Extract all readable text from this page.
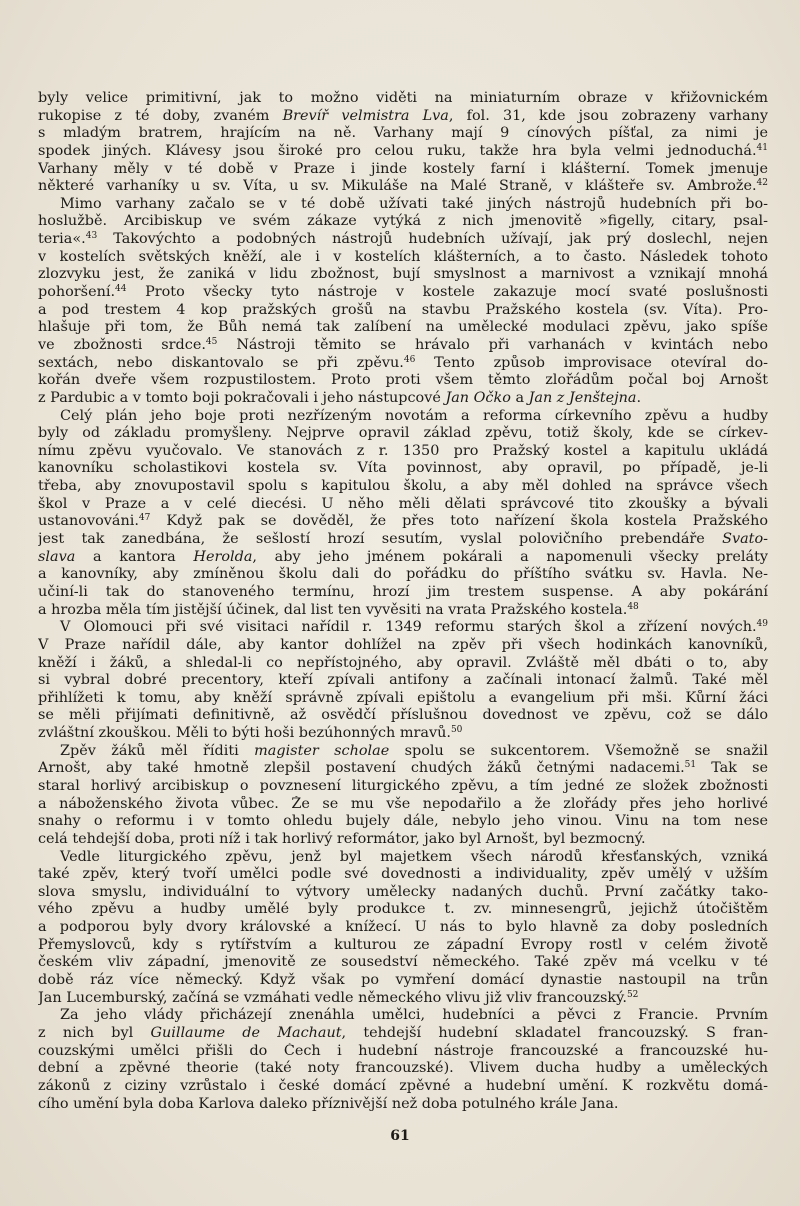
byly velice primitivní, jak to možno viděti na miniaturním obraze v křižovnickém
rukopise z té doby, zvaném Brevíř velmistra Lva, fol. 31, kde jsou zobrazeny varhany
s mladým bratrem, hrajícím na ně. Varhany mají 9 cínových píšťal, za nimi je
spodek jiných. Klávesy jsou široké pro celou ruku, takže hra byla velmi jednoduchá.$^{41}$
Varhany měly v té době v Praze i jinde kostely farní i klášterní. Tomek jmenuje
některé varhaníky u sv. Víta, u sv. Mikuláše na Malé Straně, v klášteře sv. Ambrože.$^{42}$
Mimo varhany začalo se v té době užívati také jiných nástrojů hudebních při bo-
hoslužbě. Arcibiskup ve svém zákaze vytýká z nich jmenovitě »figelly, citary, psal-
teria«.$^{43}$ Takovýchto a podobných nástrojů hudebních užívají, jak prý doslechl, nejen
v kostelích světských kněží, ale i v kostelích klášterních, a to často. Následek tohoto
zlozvyku jest, že zaniká v lidu zbožnost, bují smyslnost a marnivost a vznikají mnohá
pohoršení.$^{44}$ Proto všecky tyto nástroje v kostele zakazuje mocí svaté poslušnosti
a pod trestem 4 kop pražských grošů na stavbu Pražského kostela (sv. Víta). Pro-
hlašuje při tom, že Bůh nemá tak zalíbení na umělecké modulaci zpěvu, jako spíše
ve zbožnosti srdce.$^{45}$ Nástroji těmito se hrávalo při varhanách v kvintách nebo
sextách, nebo diskantovalo se při zpěvu.$^{46}$ Tento způsob improvisace otevíral do-
kořán dveře všem rozpustilostem. Proto proti všem těmto zlořádům počal boj Arnošt
z Pardubic a v tomto boji pokračovali i jeho nástupcové Jan Očko a Jan z Jenštejna.
Celý plán jeho boje proti nezřízeným novotám a reforma církevního zpěvu a hudby
byly od základu promyšleny. Nejprve opravil základ zpěvu, totiž školy, kde se církev-
nímu zpěvu vyučovalo. Ve stanovách z r. 1350 pro Pražský kostel a kapitulu ukládá
kanovníku scholastikovi kostela sv. Víta povinnost, aby opravil, po případě, je-li
třeba, aby znovupostavil spolu s kapitulou školu, a aby měl dohled na správce všech
škol v Praze a v celé diecési. U něho měli dělati správcové tito zkoušky a bývali
ustanovováni.$^{47}$ Když pak se dověděl, že přes toto nařízení škola kostela Pražského
jest tak zanedbána, že sešlostí hrozí sesutím, vyslal polovičního prebendáře Svato-
slava a kantora Herolda, aby jeho jménem pokárali a napomenuli všecky preláty
a kanovníky, aby zmíněnou školu dali do pořádku do příštího svátku sv. Havla. Ne-
učiní-li tak do stanoveného termínu, hrozí jim trestem suspense. A aby pokárání
a hrozba měla tím jistější účinek, dal list ten vyvěsiti na vrata Pražského kostela.$^{48}$
V Olomouci při své visitaci nařídil r. 1349 reformu starých škol a zřízení nových.$^{49}$
V Praze nařídil dále, aby kantor dohlížel na zpěv při všech hodinkách kanovníků,
kněží i žáků, a shledal-li co nepřístojného, aby opravil. Zvláště měl dbáti o to, aby
si vybral dobré precentory, kteří zpívali antifony a začínali intonací žalmů. Také měl
přihlížeti k tomu, aby kněží správně zpívali epištolu a evangelium při mši. Kůrní žáci
se měli přijímati definitivně, až osvědčí příslušnou dovednost ve zpěvu, což se dálo
zvláštní zkouškou. Měli to býti hoši bezúhonných mravů.$^{50}$
Zpěv žáků měl říditi magister scholae spolu se sukcentorem. Všemožně se snažil
Arnošt, aby také hmotně zlepšil postavení chudých žáků četnými nadacemi.$^{51}$ Tak se
staral horlivý arcibiskup o povznesení liturgického zpěvu, a tím jedné ze složek zbožnosti
a náboženského života vůbec. Že se mu vše nepodařilo a že zlořády přes jeho horlivé
snahy o reformu i v tomto ohledu bujely dále, nebylo jeho vinou. Vinu na tom nese
celá tehdejší doba, proti níž i tak horlivý reformátor, jako byl Arnošt, byl bezmocný.
Vedle liturgického zpěvu, jenž byl majetkem všech národů křesťanských, vzniká
také zpěv, který tvoří umělci podle své dovednosti a individuality, zpěv umělý v užším
slova smyslu, individuální to výtvory umělecky nadaných duchů. První začátky tako-
vého zpěvu a hudby umělé byly produkce t. zv. minnesengrů, jejichž útočištěm
a podporou byly dvory královské a knížecí. U nás to bylo hlavně za doby posledních
Přemyslovců, kdy s rytířstvím a kulturou ze západní Evropy rostl v celém životě
českém vliv západní, jmenovitě ze sousedství německého. Také zpěv má vcelku v té
době ráz více německý. Když však po vymření domácí dynastie nastoupil na trůn
Jan Lucemburský, začíná se vzmáhati vedle německého vlivu již vliv francouzský.$^{52}$
Za jeho vlády přicházejí znenáhla umělci, hudebníci a pěvci z Francie. Prvním
z nich byl Guillaume de Machaut, tehdejší hudební skladatel francouzský. S fran-
couzskými umělci přišli do Čech i hudební nástroje francouzské a francouzské hu-
dební a zpěvné theorie (také noty francouzské). Vlivem ducha hudby a uměleckých
zákonů z ciziny vzrůstalo i české domácí zpěvné a hudební umění. K rozkvětu domá-
cího umění byla doba Karlova daleko příznivější než doba potulného krále Jana.
61
